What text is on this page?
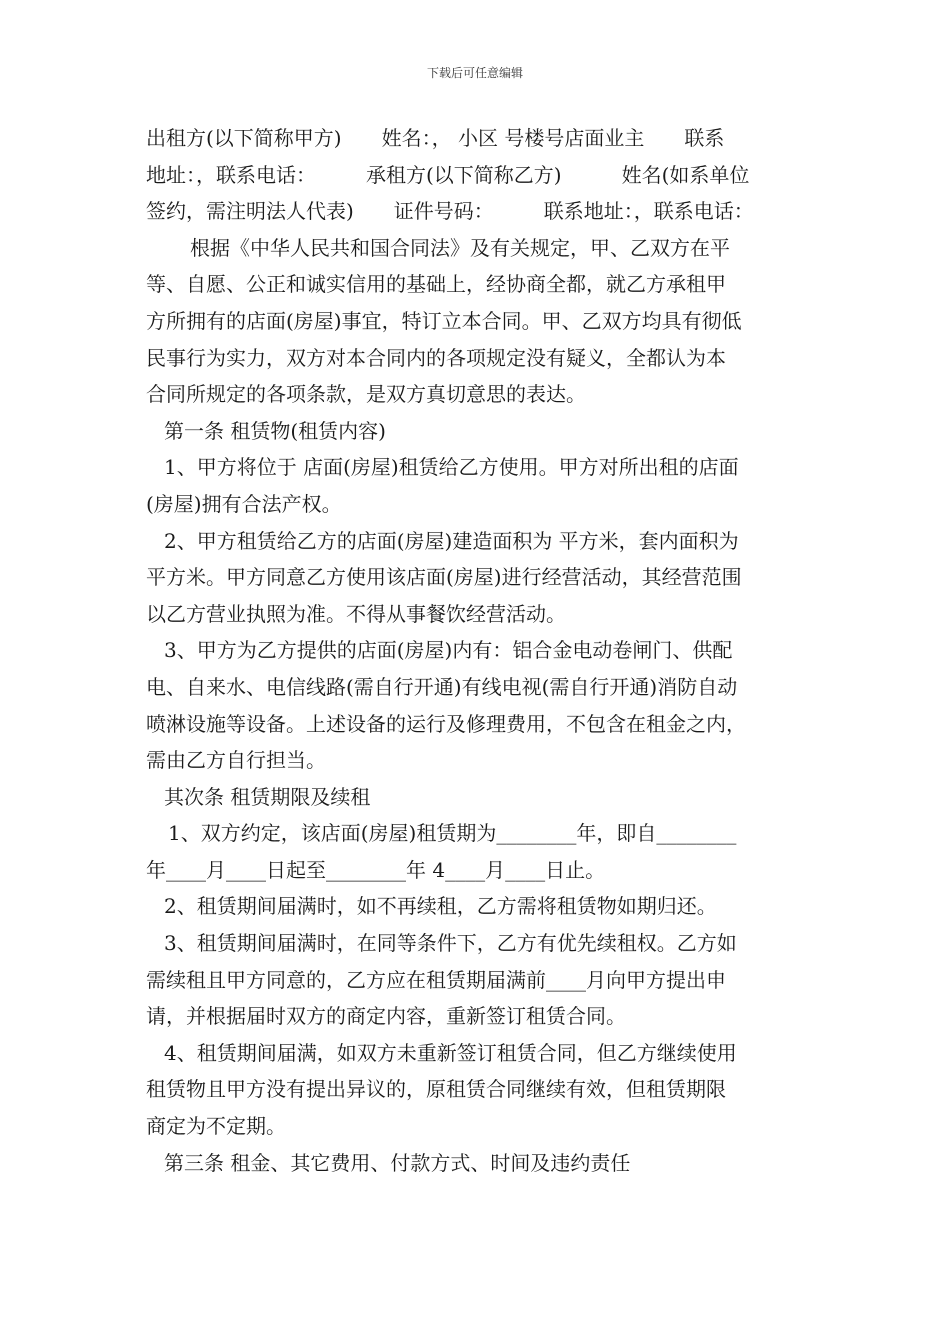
下载后可任意编辑
出租方(以下简称甲方)　　姓名：， 小区 号楼号店面业主　　联系
地址：，联系电话：　　　承租方(以下简称乙方)　　　姓名(如系单位
签约，需注明法人代表)　　证件号码：　　　联系地址：，联系电话：
根据《中华人民共和国合同法》及有关规定，甲、乙双方在平
等、自愿、公正和诚实信用的基础上，经协商全都，就乙方承租甲
方所拥有的店面(房屋)事宜，特订立本合同。甲、乙双方均具有彻低
民事行为实力，双方对本合同内的各项规定没有疑义，全都认为本
合同所规定的各项条款，是双方真切意思的表达。
第一条 租赁物(租赁内容)
1、甲方将位于 店面(房屋)租赁给乙方使用。甲方对所出租的店面
(房屋)拥有合法产权。
2、甲方租赁给乙方的店面(房屋)建造面积为 平方米，套内面积为
平方米。甲方同意乙方使用该店面(房屋)进行经营活动，其经营范围
以乙方营业执照为准。不得从事餐饮经营活动。
3、甲方为乙方提供的店面(房屋)内有：铝合金电动卷闸门、供配
电、自来水、电信线路(需自行开通)有线电视(需自行开通)消防自动
喷淋设施等设备。上述设备的运行及修理费用，不包含在租金之内，
需由乙方自行担当。
其次条 租赁期限及续租
1、双方约定，该店面(房屋)租赁期为________年，即自________
年____月____日起至________年 4____月____日止。
2、租赁期间届满时，如不再续租，乙方需将租赁物如期归还。
3、租赁期间届满时，在同等条件下，乙方有优先续租权。乙方如
需续租且甲方同意的，乙方应在租赁期届满前____月向甲方提出申
请，并根据届时双方的商定内容，重新签订租赁合同。
4、租赁期间届满，如双方未重新签订租赁合同，但乙方继续使用
租赁物且甲方没有提出异议的，原租赁合同继续有效，但租赁期限
商定为不定期。
第三条 租金、其它费用、付款方式、时间及违约责任
